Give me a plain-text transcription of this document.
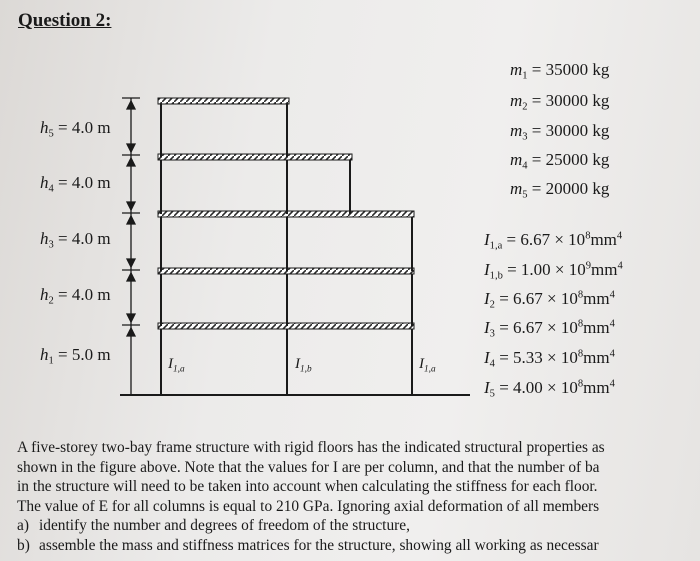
Question 2:
$h_5 = 4.0$ m
$h_4 = 4.0$ m
$h_3 = 4.0$ m
$h_2 = 4.0$ m
$h_1 = 5.0$ m
$m_1 = 35000$ kg
$m_2 = 30000$ kg
$m_3 = 30000$ kg
$m_4 = 25000$ kg
$m_5 = 20000$ kg
$I_{1,a} = 6.67 \times 10^8mm^4$
$I_{1,b} = 1.00 \times 10^9mm^4$
$I_2 = 6.67 \times 10^8mm^4$
$I_3 = 6.67 \times 10^8mm^4$
$I_4 = 5.33 \times 10^8mm^4$
$I_5 = 4.00 \times 10^8mm^4$
$I_{1,a}$	$I_{1,b}$	$I_{1,a}$

A five-storey two-bay frame structure with rigid floors has the indicated structural properties as

shown in the figure above. Note that the values for I are per column, and that the number of ba

in the structure will need to be taken into account when calculating the stiffness for each floor.

The value of E for all columns is equal to 210 GPa. Ignoring axial deformation of all members

a) identify the number and degrees of freedom of the structure,
b) assemble the mass and stiffness matrices for the structure, showing all working as necessar
